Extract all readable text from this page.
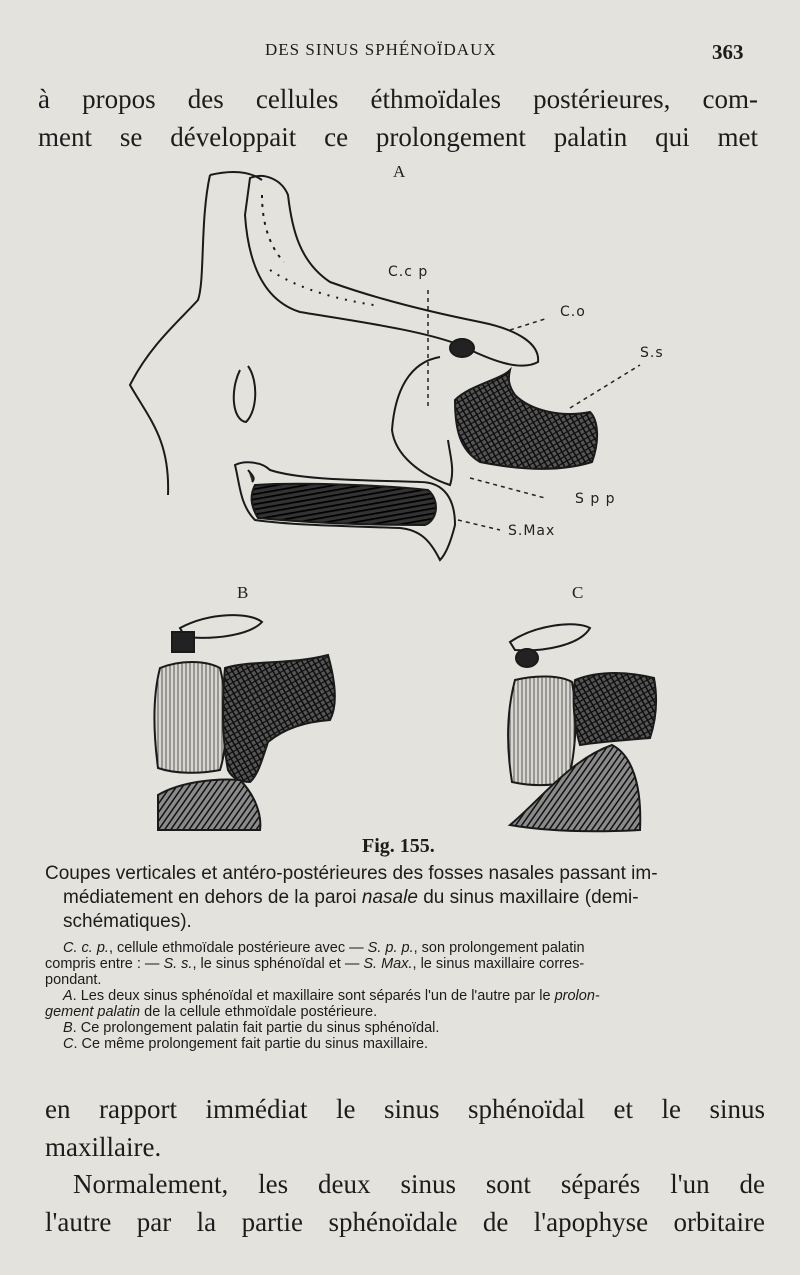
DES SINUS SPHÉNOÏDAUX	363
à propos des cellules éthmoïdales postérieures, com-
ment se développait ce prolongement palatin qui met
A
C.c p
C.o
S.s
S p p
S.Max
B	C
Fig. 155.
Coupes verticales et antéro-postérieures des fosses nasales passant im-
médiatement en dehors de la paroi nasale du sinus maxillaire (demi-
schématiques).
C. c. p., cellule ethmoïdale postérieure avec — S. p. p., son prolongement palatin
compris entre : — S. s., le sinus sphénoïdal et — S. Max., le sinus maxillaire corres-
pondant.
A. Les deux sinus sphénoïdal et maxillaire sont séparés l'un de l'autre par le prolon-
gement palatin de la cellule ethmoïdale postérieure.
B. Ce prolongement palatin fait partie du sinus sphénoïdal.
C. Ce même prolongement fait partie du sinus maxillaire.
en rapport immédiat le sinus sphénoïdal et le sinus
maxillaire.
Normalement, les deux sinus sont séparés l'un de
l'autre par la partie sphénoïdale de l'apophyse orbitaire
